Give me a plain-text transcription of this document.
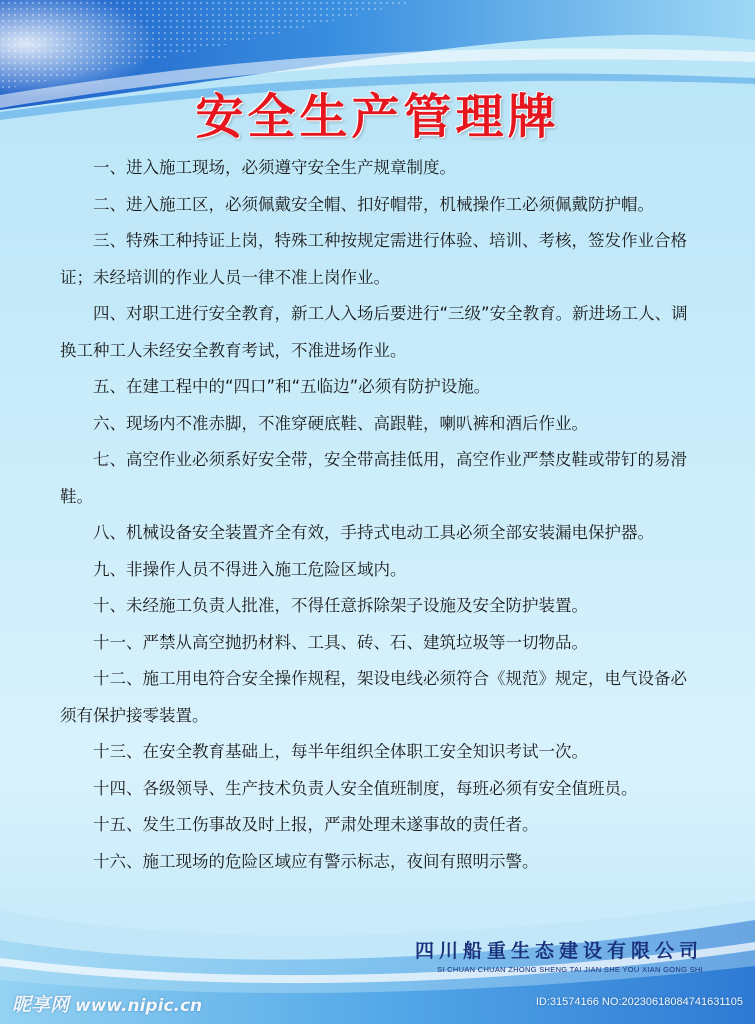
安全生产管理牌

一、进入施工现场，必须遵守安全生产规章制度。

二、进入施工区，必须佩戴安全帽、扣好帽带，机械操作工必须佩戴防护帽。

三、特殊工种持证上岗，特殊工种按规定需进行体验、培训、考核，签发作业合格证；未经培训的作业人员一律不准上岗作业。

四、对职工进行安全教育，新工人入场后要进行“三级”安全教育。新进场工人、调换工种工人未经安全教育考试，不准进场作业。

五、在建工程中的“四口”和“五临边”必须有防护设施。

六、现场内不准赤脚，不准穿硬底鞋、高跟鞋，喇叭裤和酒后作业。

七、高空作业必须系好安全带，安全带高挂低用，高空作业严禁皮鞋或带钉的易滑鞋。

八、机械设备安全装置齐全有效，手持式电动工具必须全部安装漏电保护器。

九、非操作人员不得进入施工危险区域内。

十、未经施工负责人批准，不得任意拆除架子设施及安全防护装置。

十一、严禁从高空抛扔材料、工具、砖、石、建筑垃圾等一切物品。

十二、施工用电符合安全操作规程，架设电线必须符合《规范》规定，电气设备必须有保护接零装置。

十三、在安全教育基础上，每半年组织全体职工安全知识考试一次。

十四、各级领导、生产技术负责人安全值班制度，每班必须有安全值班员。

十五、发生工伤事故及时上报，严肃处理未遂事故的责任者。

十六、施工现场的危险区域应有警示标志，夜间有照明示警。

四川船重生态建设有限公司
SI CHUAN CHUAN ZHONG SHENG TAI JIAN SHE YOU XIAN GONG SHI
昵享网 www.nipic.cn	ID:31574166 NO:20230618084741631105
